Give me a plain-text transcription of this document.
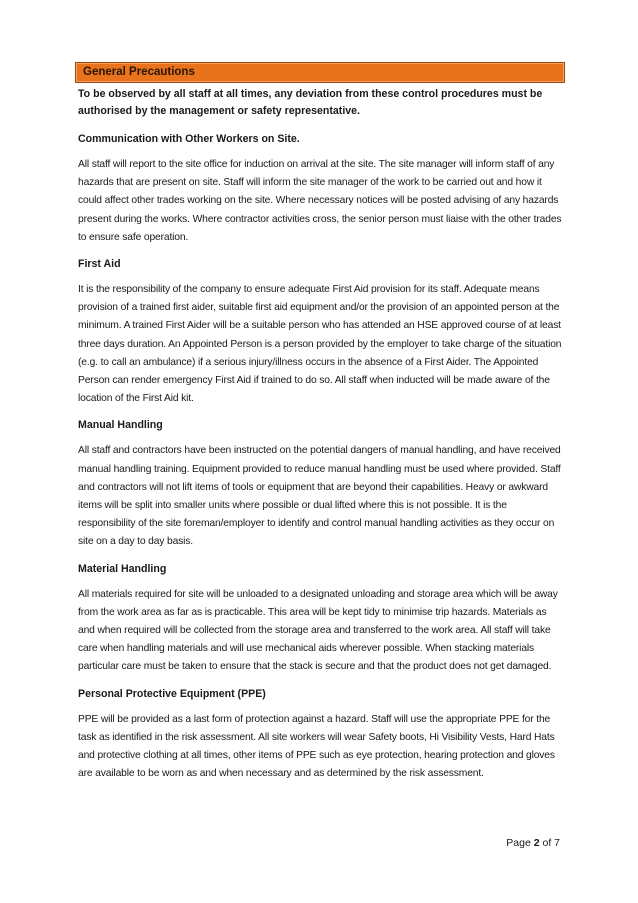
General Precautions

To be observed by all staff at all times, any deviation from these control procedures must be authorised by the management or safety representative.

Communication with Other Workers on Site.

All staff will report to the site office for induction on arrival at the site. The site manager will inform staff of any hazards that are present on site. Staff will inform the site manager of the work to be carried out and how it could affect other trades working on the site. Where necessary notices will be posted advising of any hazards present during the works. Where contractor activities cross, the senior person must liaise with the other trades to ensure safe operation.

First Aid

It is the responsibility of the company to ensure adequate First Aid provision for its staff. Adequate means provision of a trained first aider, suitable first aid equipment and/or the provision of an appointed person at the minimum. A trained First Aider will be a suitable person who has attended an HSE approved course of at least three days duration. An Appointed Person is a person provided by the employer to take charge of the situation (e.g. to call an ambulance) if a serious injury/illness occurs in the absence of a First Aider. The Appointed Person can render emergency First Aid if trained to do so. All staff when inducted will be made aware of the location of the First Aid kit.

Manual Handling

All staff and contractors have been instructed on the potential dangers of manual handling, and have received manual handling training. Equipment provided to reduce manual handling must be used where provided. Staff and contractors will not lift items of tools or equipment that are beyond their capabilities. Heavy or awkward items will be split into smaller units where possible or dual lifted where this is not possible. It is the responsibility of the site foreman/employer to identify and control manual handling activities as they occur on site on a day to day basis.

Material Handling

All materials required for site will be unloaded to a designated unloading and storage area which will be away from the work area as far as is practicable. This area will be kept tidy to minimise trip hazards. Materials as and when required will be collected from the storage area and transferred to the work area. All staff will take care when handling materials and will use mechanical aids wherever possible. When stacking materials particular care must be taken to ensure that the stack is secure and that the product does not get damaged.

Personal Protective Equipment (PPE)

PPE will be provided as a last form of protection against a hazard. Staff will use the appropriate PPE for the task as identified in the risk assessment. All site workers will wear Safety boots, Hi Visibility Vests, Hard Hats and protective clothing at all times, other items of PPE such as eye protection, hearing protection and gloves are available to be worn as and when necessary and as determined by the risk assessment.

Page 2 of 7
